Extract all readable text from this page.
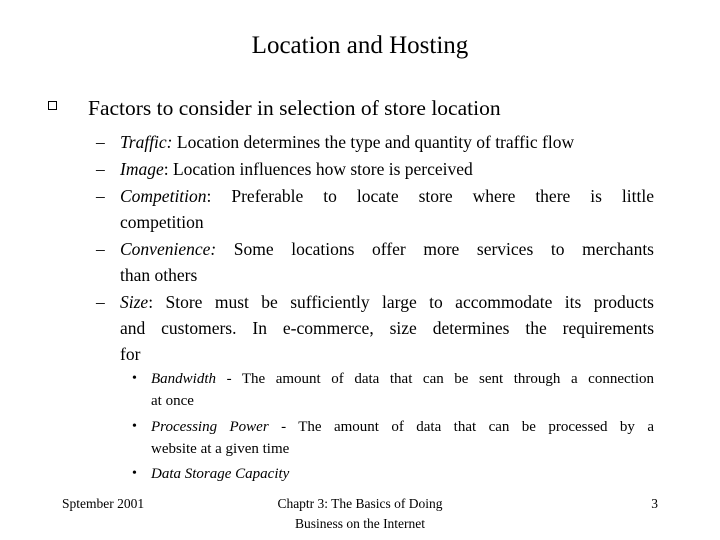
Location and Hosting
Factors to consider in selection of store location
– Traffic: Location determines the type and quantity of traffic flow
– Image: Location influences how store is perceived
– Competition: Preferable to locate store where there is little
competition
– Convenience: Some locations offer more services to merchants
than others
– Size: Store must be sufficiently large to accommodate its products
and customers. In e-commerce, size determines the requirements
for
• Bandwidth - The amount of data that can be sent through a connection
at once
• Processing Power - The amount of data that can be processed by a
website at a given time
• Data Storage Capacity
Sptember 2001	Chaptr 3: The Basics of Doing
Business on the Internet
3
